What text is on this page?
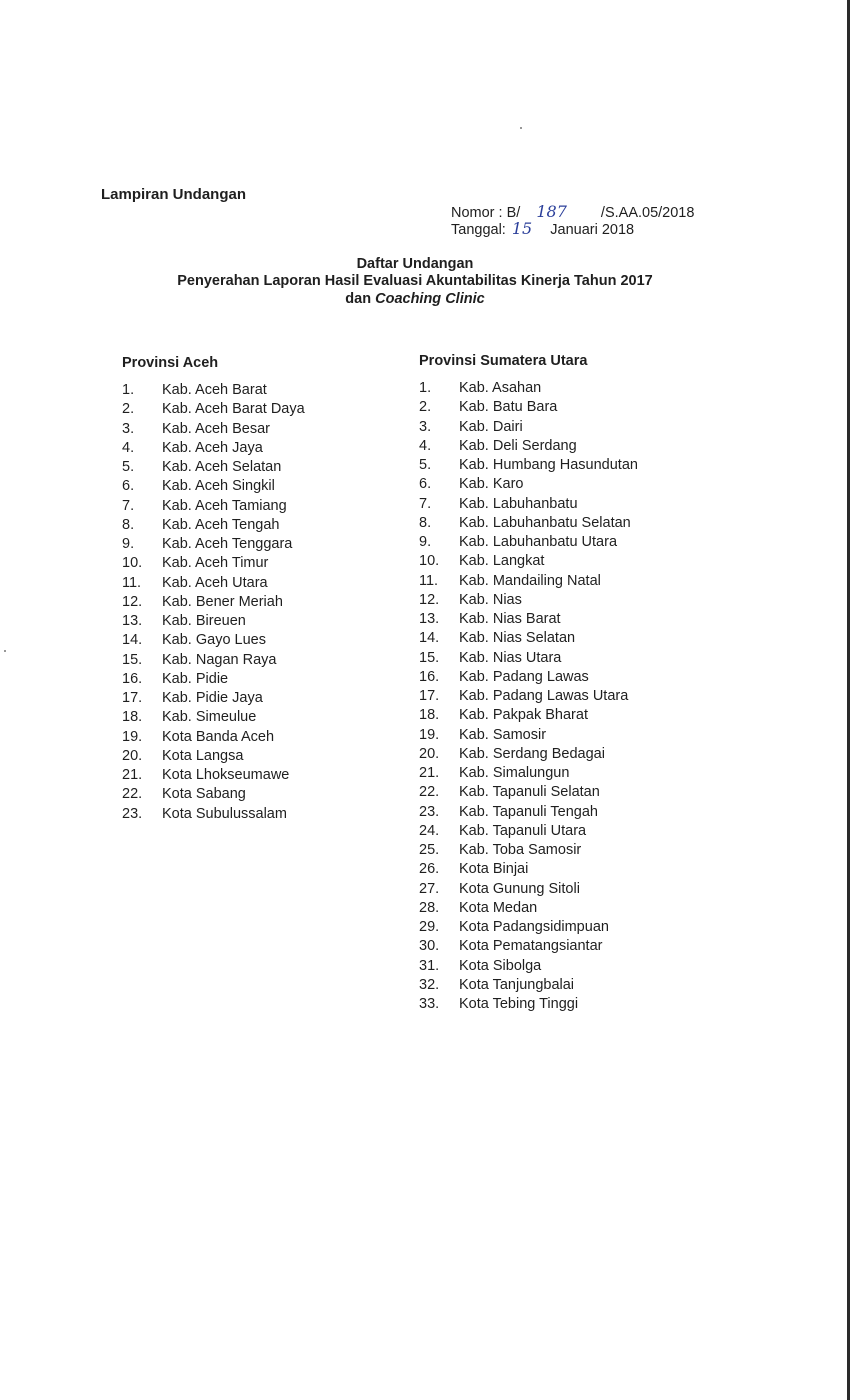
Lampiran Undangan
Nomor : B/ 187 /S.AA.05/2018
Tanggal: 15 Januari 2018
Daftar Undangan
Penyerahan Laporan Hasil Evaluasi Akuntabilitas Kinerja Tahun 2017
dan Coaching Clinic
Provinsi Aceh	Provinsi Sumatera Utara
1. Kab. Aceh Barat
2. Kab. Aceh Barat Daya
3. Kab. Aceh Besar
4. Kab. Aceh Jaya
5. Kab. Aceh Selatan
6. Kab. Aceh Singkil
7. Kab. Aceh Tamiang
8. Kab. Aceh Tengah
9. Kab. Aceh Tenggara
10. Kab. Aceh Timur
11. Kab. Aceh Utara
12. Kab. Bener Meriah
13. Kab. Bireuen
14. Kab. Gayo Lues
15. Kab. Nagan Raya
16. Kab. Pidie
17. Kab. Pidie Jaya
18. Kab. Simeulue
19. Kota Banda Aceh
20. Kota Langsa
21. Kota Lhokseumawe
22. Kota Sabang
23. Kota Subulussalam
1. Kab. Asahan
2. Kab. Batu Bara
3. Kab. Dairi
4. Kab. Deli Serdang
5. Kab. Humbang Hasundutan
6. Kab. Karo
7. Kab. Labuhanbatu
8. Kab. Labuhanbatu Selatan
9. Kab. Labuhanbatu Utara
10. Kab. Langkat
11. Kab. Mandailing Natal
12. Kab. Nias
13. Kab. Nias Barat
14. Kab. Nias Selatan
15. Kab. Nias Utara
16. Kab. Padang Lawas
17. Kab. Padang Lawas Utara
18. Kab. Pakpak Bharat
19. Kab. Samosir
20. Kab. Serdang Bedagai
21. Kab. Simalungun
22. Kab. Tapanuli Selatan
23. Kab. Tapanuli Tengah
24. Kab. Tapanuli Utara
25. Kab. Toba Samosir
26. Kota Binjai
27. Kota Gunung Sitoli
28. Kota Medan
29. Kota Padangsidimpuan
30. Kota Pematangsiantar
31. Kota Sibolga
32. Kota Tanjungbalai
33. Kota Tebing Tinggi
